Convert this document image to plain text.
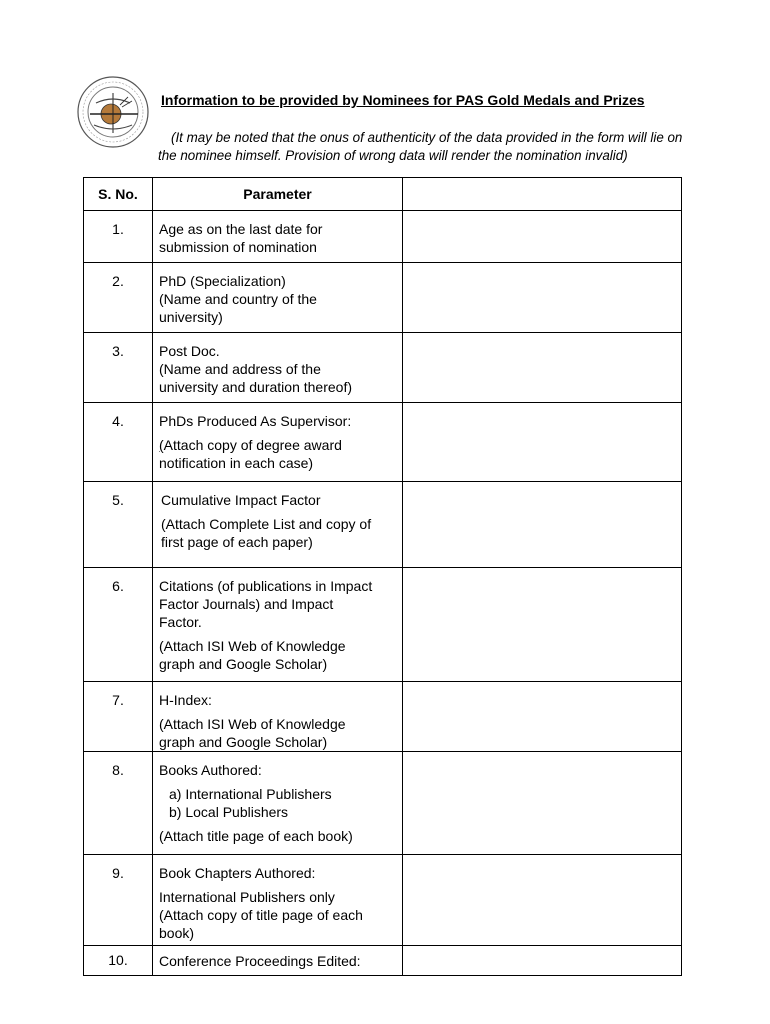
Information to be provided by Nominees for PAS Gold Medals and Prizes
(It may be noted that the onus of authenticity of the data provided in the form will lie on
the nominee himself. Provision of wrong data will render the nomination invalid)
S. No.	Parameter	
1.	Age as on the last date for
submission of nomination	

2.	PhD (Specialization)
(Name and country of the
university)	

3.	Post Doc.
(Name and address of the
university and duration thereof)	

4.	PhDs Produced As Supervisor:

(Attach copy of degree award
notification in each case)	

5.	Cumulative Impact Factor

(Attach Complete List and copy of
first page of each paper)	

6.	Citations (of publications in Impact
Factor Journals) and Impact

Factor.

(Attach ISI Web of Knowledge
graph and Google Scholar)	

7.	H-Index:

(Attach ISI Web of Knowledge
graph and Google Scholar)	

8.	Books Authored:

a) International Publishers
b) Local Publishers
(Attach title page of each book)	

9.	Book Chapters Authored:

International Publishers only
(Attach copy of title page of each
book)	

10.	Conference Proceedings Edited:	
